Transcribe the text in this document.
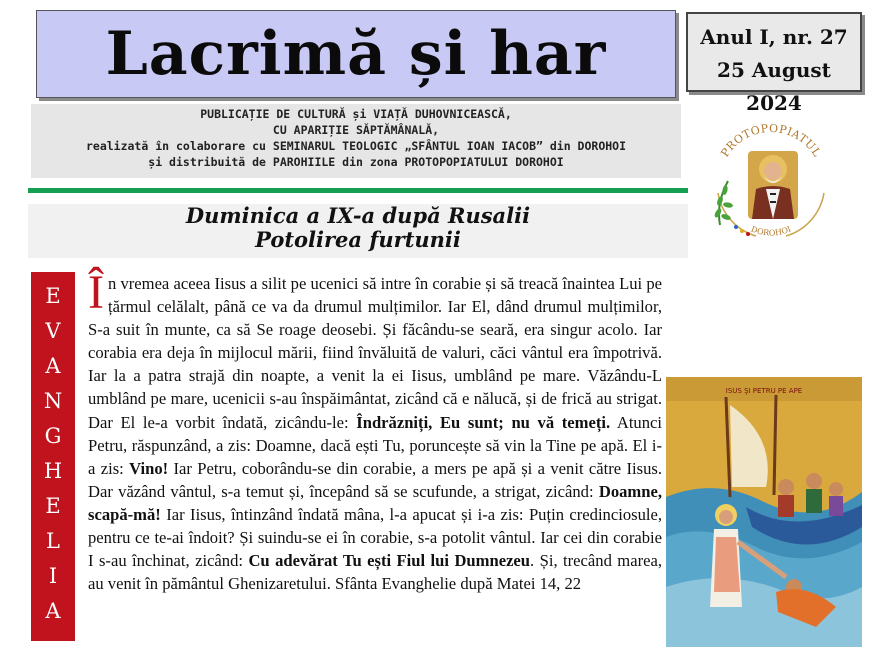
Lacrimă și har	Anul I, nr. 27
25 August 2024
PUBLICAȚIE DE CULTURĂ și VIAȚĂ DUHOVNICEASCĂ,
CU APARIȚIE SĂPTĂMÂNALĂ,
realizată în colaborare cu SEMINARUL TEOLOGIC „SFÂNTUL IOAN IACOB” din DOROHOI
și distribuită de PAROHIILE din zona PROTOPOPIATULUI DOROHOI
PROTOPOPIATUL
DOROHOI
Duminica a IX-a după Rusalii
Potolirea furtunii
E
V
A
N
G
H
E
L
I
A

În vremea aceea Iisus a silit pe ucenici să intre în corabie și să treacă înaintea Lui pe țărmul celălalt, până ce va da drumul mulțimilor. Iar El, dând drumul mulțimilor, S-a suit în munte, ca să Se roage deosebi. Și făcându-se seară, era singur acolo. Iar corabia era deja în mijlocul mării, fiind învăluită de valuri, căci vântul era împotrivă. Iar la a patra strajă din noapte, a venit la ei Iisus, umblând pe mare. Văzându-L umblând pe mare, ucenicii s-au înspăimântat, zicând că e nălucă, și de frică au strigat. Dar El le-a vorbit îndată, zicându-le: Îndrăzniți, Eu sunt; nu vă temeți. Atunci Petru, răspunzând, a zis: Doamne, dacă ești Tu, poruncește să vin la Tine pe apă. El i-a zis: Vino! Iar Petru, coborându-se din corabie, a mers pe apă și a venit către Iisus. Dar văzând vântul, s-a temut și, începând să se scufunde, a strigat, zicând: Doamne, scapă-mă! Iar Iisus, întinzând îndată mâna, l-a apucat și i-a zis: Puțin credinciosule, pentru ce te-ai îndoit? Și suindu-se ei în corabie, s-a potolit vântul. Iar cei din corabie I s-au închinat, zicând: Cu adevărat Tu ești Fiul lui Dumnezeu. Și, trecând marea, au venit în pământul Ghenizaretului. Sfânta Evanghelie după Matei 14, 22

ISUS ŞI PETRU PE APE
